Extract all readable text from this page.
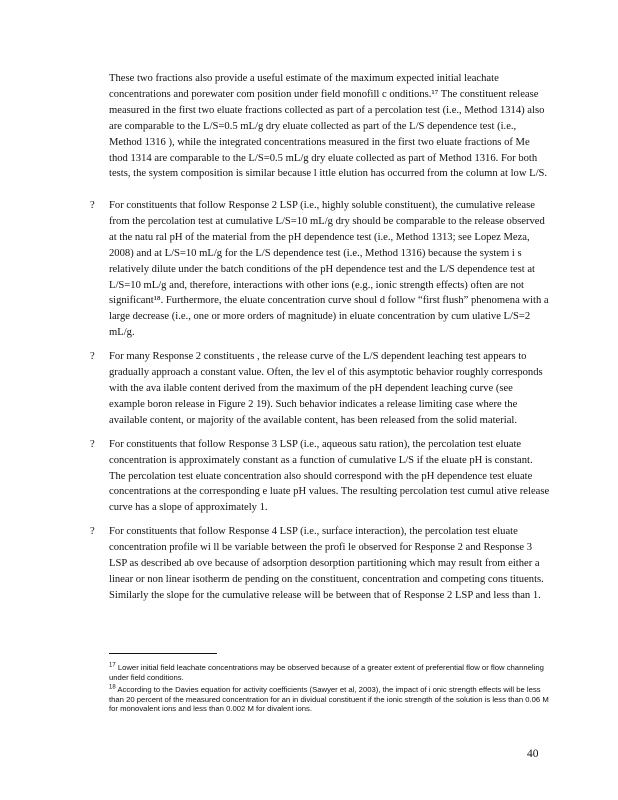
These two fractions also provide a useful estimate of the maximum expected initial leachate concentrations and porewater com position under field monofill c onditions.¹⁷ The constituent release measured in the first two eluate fractions collected as part of a percolation test (i.e., Method 1314) also are comparable to the L/S=0.5 mL/g dry eluate collected as part of the L/S dependence test (i.e., Method 1316 ), while the integrated concentrations measured in the first two eluate fractions of Me thod 1314 are comparable to the L/S=0.5 mL/g dry eluate collected as part of Method 1316. For both tests, the system composition is similar because l ittle elution has occurred from the column at low L/S.

?	For constituents that follow Response 2 LSP (i.e., highly soluble constituent), the cumulative release from the percolation test at cumulative L/S=10 mL/g dry should be comparable to the release observed at the natu ral pH of the material from the pH dependence test (i.e., Method 1313; see Lopez Meza, 2008) and at L/S=10 mL/g for the L/S dependence test (i.e., Method 1316) because the system i s relatively dilute under the batch conditions of the pH dependence test and the L/S dependence test at L/S=10 mL/g and, therefore, interactions with other ions (e.g., ionic strength effects) often are not significant¹⁸. Furthermore, the eluate concentration curve shoul d follow “first flush” phenomena with a large decrease (i.e., one or more orders of magnitude) in eluate concentration by cum ulative L/S=2 mL/g.
?	For many Response 2 constituents , the release curve of the L/S dependent leaching test appears to gradually approach a constant value. Often, the lev el of this asymptotic behavior roughly corresponds with the ava ilable content derived from the maximum of the pH dependent leaching curve (see example boron release in Figure 2 19). Such behavior indicates a release limiting case where the available content, or majority of the available content, has been released from the solid material.
?	For constituents that follow Response 3 LSP (i.e., aqueous satu ration), the percolation test eluate concentration is approximately constant as a function of cumulative L/S if the eluate pH is constant. The percolation test eluate concentration also should correspond with the pH dependence test eluate concentrations at the corresponding e luate pH values. The resulting percolation test cumul ative release curve has a slope of approximately 1.
?	For constituents that follow Response 4 LSP (i.e., surface interaction), the percolation test eluate concentration profile wi ll be variable between the profi le observed for Response 2 and Response 3 LSP as described ab ove because of adsorption desorption partitioning which may result from either a linear or non linear isotherm de pending on the constituent, concentration and competing cons tituents. Similarly the slope for the cumulative release will be between that of Response 2 LSP and less than 1.

$^{17}$ Lower initial field leachate concentrations may be observed because of a greater extent of preferential flow or flow channeling under field conditions.

$^{18}$ According to the Davies equation for activity coefficients (Sawyer et al, 2003), the impact of i onic strength effects will be less than 20 percent of the measured concentration for an in dividual constituent if the ionic strength of the solution is less than 0.06 M for monovalent ions and less than 0.002 M for divalent ions.

40
